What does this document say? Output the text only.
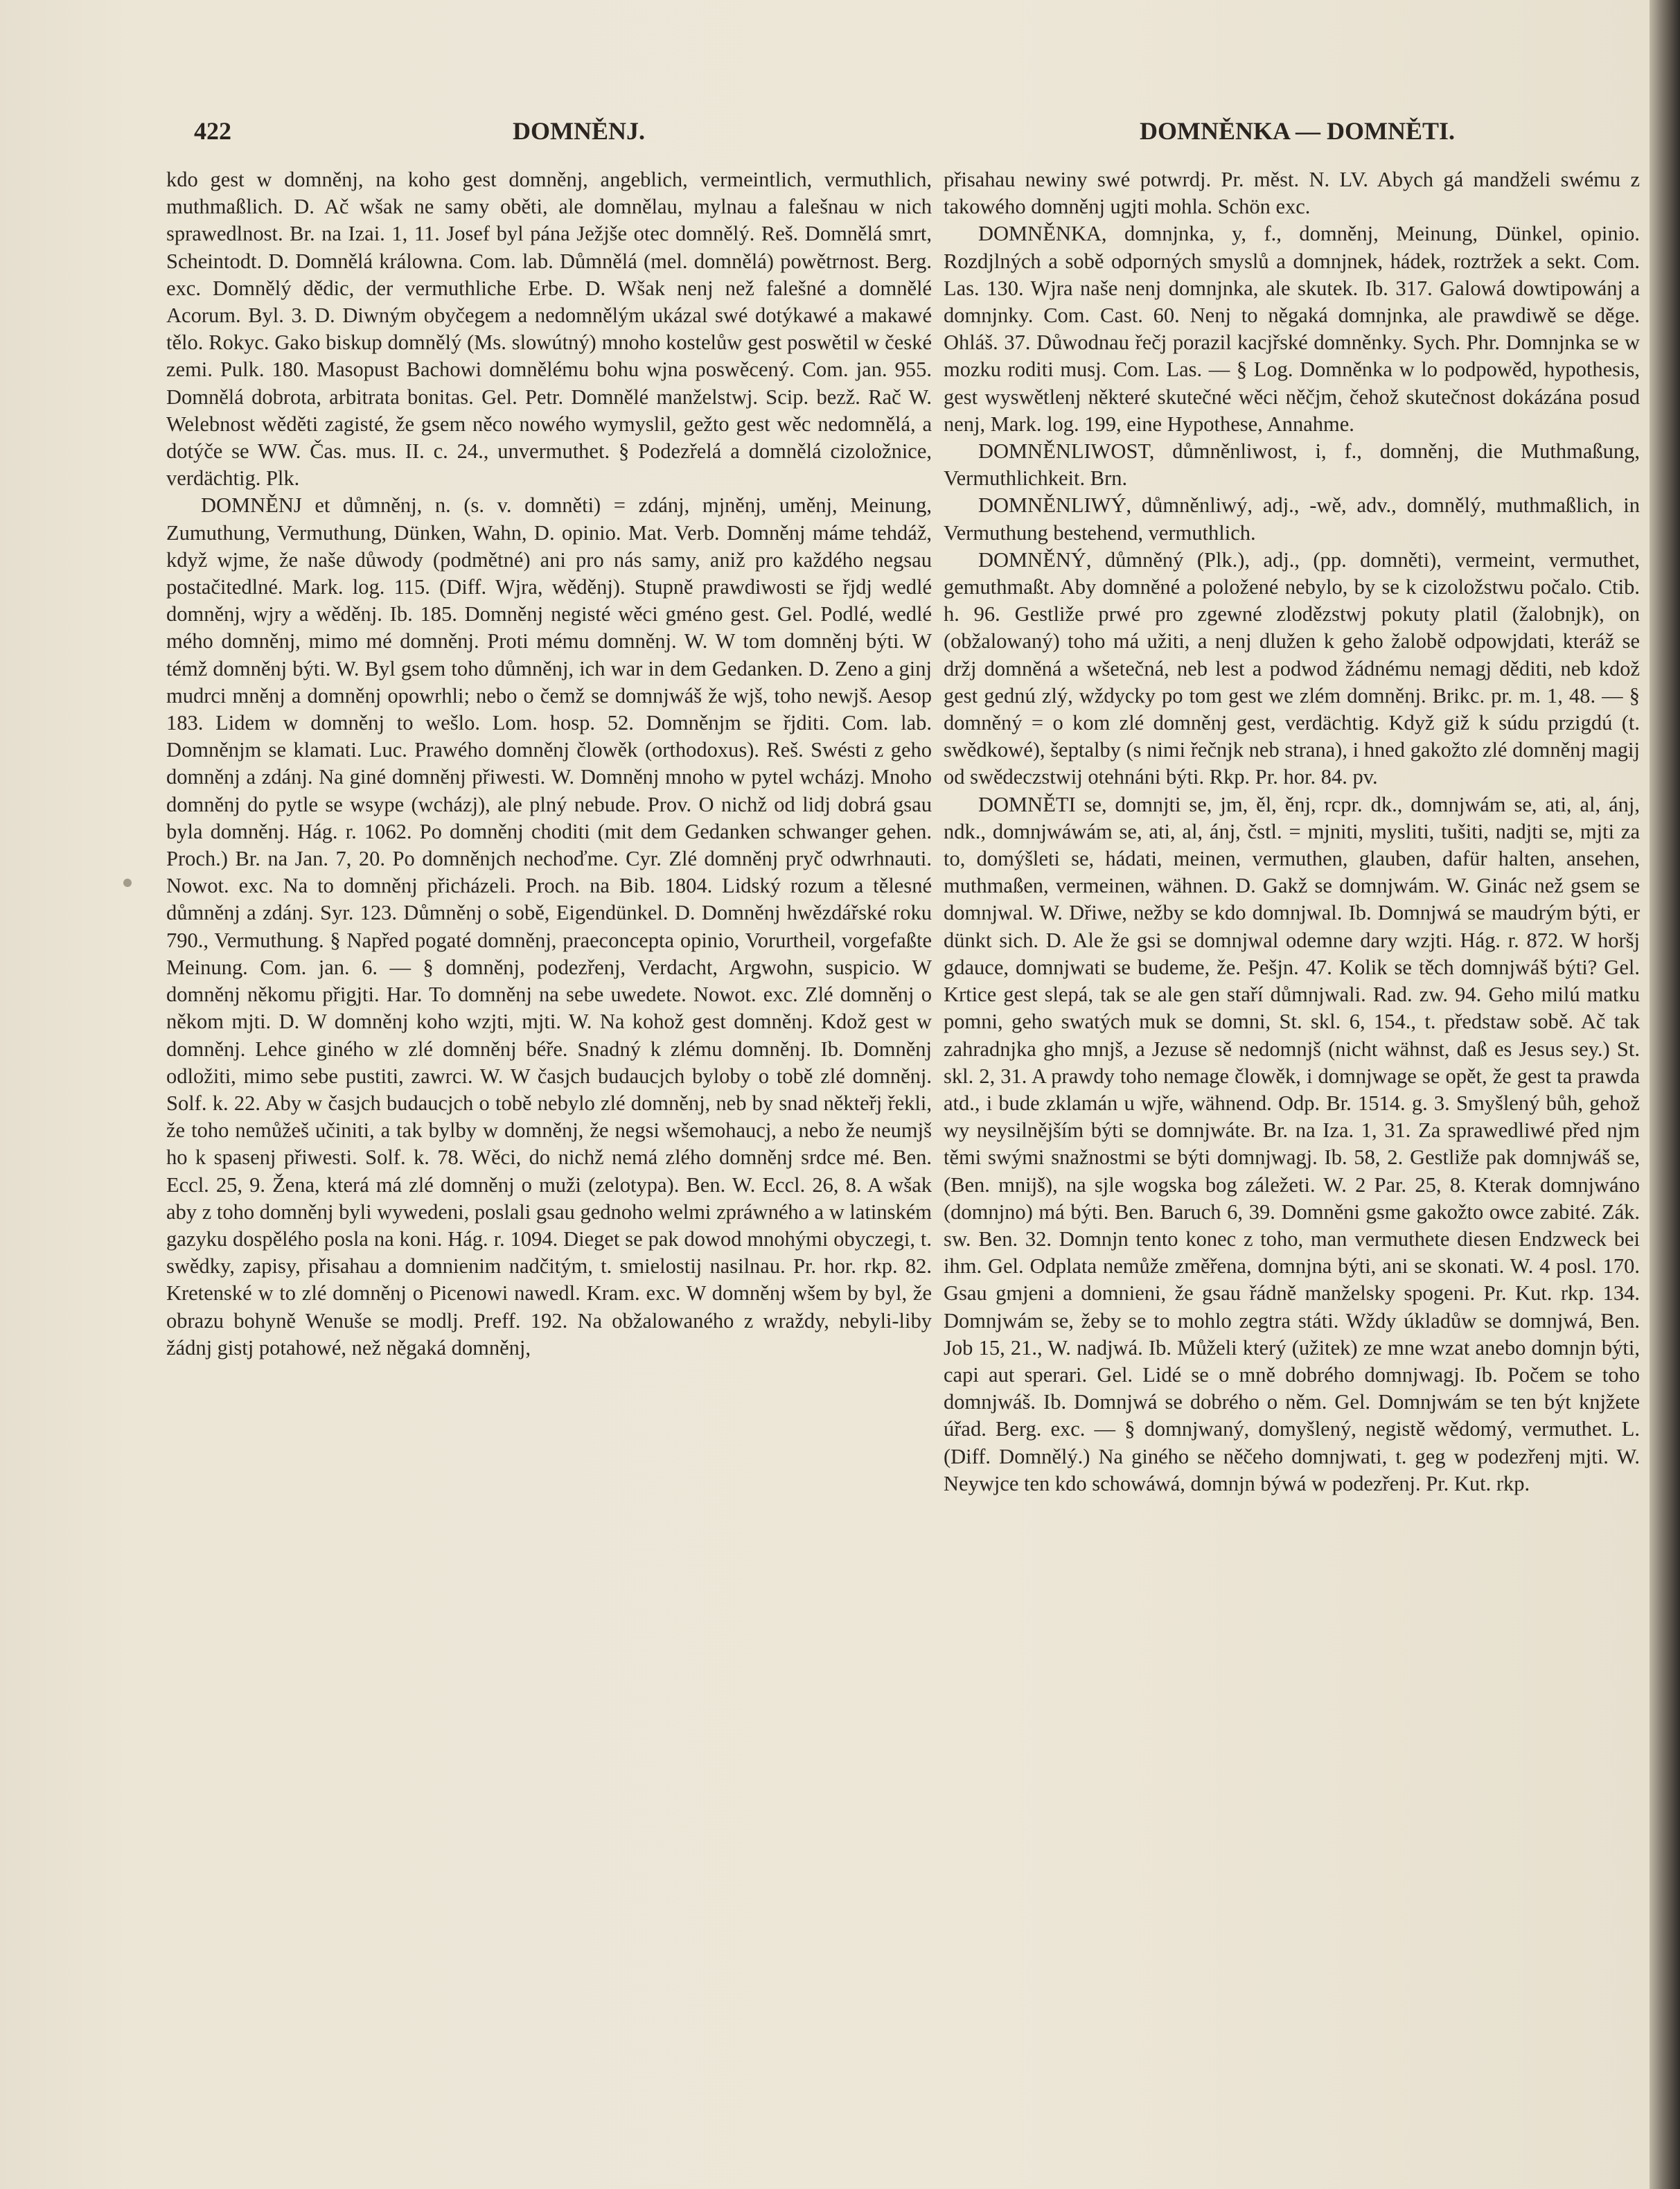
422	DOMNĚNJ.	DOMNĚNKA — DOMNĚTI.

kdo gest w domněnj, na koho gest domněnj, angeblich, vermeintlich, vermuthlich, muthmaßlich. D. Ač wšak ne samy oběti, ale domnělau, mylnau a falešnau w nich sprawedlnost. Br. na Izai. 1, 11. Josef byl pána Ježjše otec domnělý. Reš. Domnělá smrt, Scheintodt. D. Domnělá králowna. Com. lab. Důmnělá (mel. domnělá) powětrnost. Berg. exc. Domnělý dědic, der vermuthliche Erbe. D. Wšak nenj než falešné a domnělé Acorum. Byl. 3. D. Diwným obyčegem a nedomnělým ukázal swé dotýkawé a makawé tělo. Rokyc. Gako biskup domnělý (Ms. slowútný) mnoho kostelůw gest poswětil w české zemi. Pulk. 180. Masopust Bachowi domnělému bohu wjna poswěcený. Com. jan. 955. Domnělá dobrota, arbitrata bonitas. Gel. Petr. Domnělé manželstwj. Scip. bezž. Rač W. Welebnost wěděti zagisté, že gsem něco nowého wymyslil, gežto gest wěc nedomnělá, a dotýče se WW. Čas. mus. II. c. 24., unvermuthet. § Podezřelá a domnělá cizoložnice, verdächtig. Plk.

DOMNĚNJ et důmněnj, n. (s. v. domněti) = zdánj, mjněnj, uměnj, Meinung, Zumuthung, Vermuthung, Dünken, Wahn, D. opinio. Mat. Verb. Domněnj máme tehdáž, když wjme, že naše důwody (podmětné) ani pro nás samy, aniž pro každého negsau postačitedlné. Mark. log. 115. (Diff. Wjra, wěděnj). Stupně prawdiwosti se řjdj wedlé domněnj, wjry a wěděnj. Ib. 185. Domněnj negisté wěci gméno gest. Gel. Podlé, wedlé mého domněnj, mimo mé domněnj. Proti mému domněnj. W. W tom domněnj býti. W témž domněnj býti. W. Byl gsem toho důmněnj, ich war in dem Gedanken. D. Zeno a ginj mudrci mněnj a domněnj opowrhli; nebo o čemž se domnjwáš že wjš, toho newjš. Aesop 183. Lidem w domněnj to wešlo. Lom. hosp. 52. Domněnjm se řjditi. Com. lab. Domněnjm se klamati. Luc. Prawého domněnj člowěk (orthodoxus). Reš. Swésti z geho domněnj a zdánj. Na giné domněnj přiwesti. W. Domněnj mnoho w pytel wcházj. Mnoho domněnj do pytle se wsype (wcházj), ale plný nebude. Prov. O nichž od lidj dobrá gsau byla domněnj. Hág. r. 1062. Po domněnj choditi (mit dem Gedanken schwanger gehen. Proch.) Br. na Jan. 7, 20. Po domněnjch nechoďme. Cyr. Zlé domněnj pryč odwrhnauti. Nowot. exc. Na to domněnj přicházeli. Proch. na Bib. 1804. Lidský rozum a tělesné důmněnj a zdánj. Syr. 123. Důmněnj o sobě, Eigendünkel. D. Domněnj hwězdářské roku 790., Vermuthung. § Napřed pogaté domněnj, praeconcepta opinio, Vorurtheil, vorgefaßte Meinung. Com. jan. 6. — § domněnj, podezřenj, Verdacht, Argwohn, suspicio. W domněnj někomu přigjti. Har. To domněnj na sebe uwedete. Nowot. exc. Zlé domněnj o někom mjti. D. W domněnj koho wzjti, mjti. W. Na kohož gest domněnj. Kdož gest w domněnj. Lehce giného w zlé domněnj béře. Snadný k zlému domněnj. Ib. Domněnj odložiti, mimo sebe pustiti, zawrci. W. W časjch budaucjch byloby o tobě zlé domněnj. Solf. k. 22. Aby w časjch budaucjch o tobě nebylo zlé domněnj, neb by snad někteřj řekli, že toho nemůžeš učiniti, a tak bylby w domněnj, že negsi wšemohaucj, a nebo že neumjš ho k spasenj přiwesti. Solf. k. 78. Wěci, do nichž nemá zlého domněnj srdce mé. Ben. Eccl. 25, 9. Žena, která má zlé domněnj o muži (zelotypa). Ben. W. Eccl. 26, 8. A wšak aby z toho domněnj byli wywedeni, poslali gsau gednoho welmi zpráwného a w latinském gazyku dospělého posla na koni. Hág. r. 1094. Dieget se pak dowod mnohými obyczegi, t. swědky, zapisy, přisahau a domnienim nadčitým, t. smielostij nasilnau. Pr. hor. rkp. 82. Kretenské w to zlé domněnj o Picenowi nawedl. Kram. exc. W domněnj wšem by byl, že obrazu bohyně Wenuše se modlj. Preff. 192. Na obžalowaného z wraždy, nebyli-liby žádnj gistj potahowé, než něgaká domněnj,

přisahau newiny swé potwrdj. Pr. měst. N. LV. Abych gá mandželi swému z takowého domněnj ugjti mohla. Schön exc.

DOMNĚNKA, domnjnka, y, f., domněnj, Meinung, Dünkel, opinio. Rozdjlných a sobě odporných smyslů a domnjnek, hádek, roztržek a sekt. Com. Las. 130. Wjra naše nenj domnjnka, ale skutek. Ib. 317. Galowá dowtipowánj a domnjnky. Com. Cast. 60. Nenj to něgaká domnjnka, ale prawdiwě se děge. Ohláš. 37. Důwodnau řečj porazil kacjřské domněnky. Sych. Phr. Domnjnka se w mozku roditi musj. Com. Las. — § Log. Domněnka w lo podpowěd, hypothesis, gest wyswětlenj některé skutečné wěci něčjm, čehož skutečnost dokázána posud nenj, Mark. log. 199, eine Hypothese, Annahme.

DOMNĚNLIWOST, důmněnliwost, i, f., domněnj, die Muthmaßung, Vermuthlichkeit. Brn.

DOMNĚNLIWÝ, důmněnliwý, adj., -wě, adv., domnělý, muthmaßlich, in Vermuthung bestehend, vermuthlich.

DOMNĚNÝ, důmněný (Plk.), adj., (pp. domněti), vermeint, vermuthet, gemuthmaßt. Aby domněné a položené nebylo, by se k cizoložstwu počalo. Ctib. h. 96. Gestliže prwé pro zgewné zlodězstwj pokuty platil (žalobnjk), on (obžalowaný) toho má užiti, a nenj dlužen k geho žalobě odpowjdati, kteráž se držj domněná a wšetečná, neb lest a podwod žádnému nemagj děditi, neb kdož gest gednú zlý, wždycky po tom gest we zlém domněnj. Brikc. pr. m. 1, 48. — § domněný = o kom zlé domněnj gest, verdächtig. Když giž k súdu przigdú (t. swědkowé), šeptalby (s nimi řečnjk neb strana), i hned gakožto zlé domněnj magij od swědeczstwij otehnáni býti. Rkp. Pr. hor. 84. pv.

DOMNĚTI se, domnjti se, jm, ěl, ěnj, rcpr. dk., domnjwám se, ati, al, ánj, ndk., domnjwáwám se, ati, al, ánj, čstl. = mjniti, mysliti, tušiti, nadjti se, mjti za to, domýšleti se, hádati, meinen, vermuthen, glauben, dafür halten, ansehen, muthmaßen, vermeinen, wähnen. D. Gakž se domnjwám. W. Ginác než gsem se domnjwal. W. Dřiwe, nežby se kdo domnjwal. Ib. Domnjwá se maudrým býti, er dünkt sich. D. Ale že gsi se domnjwal odemne dary wzjti. Hág. r. 872. W horšj gdauce, domnjwati se budeme, že. Pešjn. 47. Kolik se těch domnjwáš býti? Gel. Krtice gest slepá, tak se ale gen staří důmnjwali. Rad. zw. 94. Geho milú matku pomni, geho swatých muk se domni, St. skl. 6, 154., t. předstaw sobě. Ač tak zahradnjka gho mnjš, a Jezuse sě nedomnjš (nicht wähnst, daß es Jesus sey.) St. skl. 2, 31. A prawdy toho nemage člowěk, i domnjwage se opět, že gest ta prawda atd., i bude zklamán u wjře, wähnend. Odp. Br. 1514. g. 3. Smyšlený bůh, gehož wy neysilnějším býti se domnjwáte. Br. na Iza. 1, 31. Za sprawedliwé před njm těmi swými snažnostmi se býti domnjwagj. Ib. 58, 2. Gestliže pak domnjwáš se, (Ben. mnijš), na sjle wogska bog záležeti. W. 2 Par. 25, 8. Kterak domnjwáno (domnjno) má býti. Ben. Baruch 6, 39. Domněni gsme gakožto owce zabité. Zák. sw. Ben. 32. Domnjn tento konec z toho, man vermuthete diesen Endzweck bei ihm. Gel. Odplata nemůže změřena, domnjna býti, ani se skonati. W. 4 posl. 170. Gsau gmjeni a domnieni, že gsau řádně manželsky spogeni. Pr. Kut. rkp. 134. Domnjwám se, žeby se to mohlo zegtra státi. Wždy úkladůw se domnjwá, Ben. Job 15, 21., W. nadjwá. Ib. Můželi který (užitek) ze mne wzat anebo domnjn býti, capi aut sperari. Gel. Lidé se o mně dobrého domnjwagj. Ib. Počem se toho domnjwáš. Ib. Domnjwá se dobrého o něm. Gel. Domnjwám se ten být knjžete úřad. Berg. exc. — § domnjwaný, domyšlený, negistě wědomý, vermuthet. L. (Diff. Domnělý.) Na giného se něčeho domnjwati, t. geg w podezřenj mjti. W. Neywjce ten kdo schowáwá, domnjn býwá w podezřenj. Pr. Kut. rkp.
